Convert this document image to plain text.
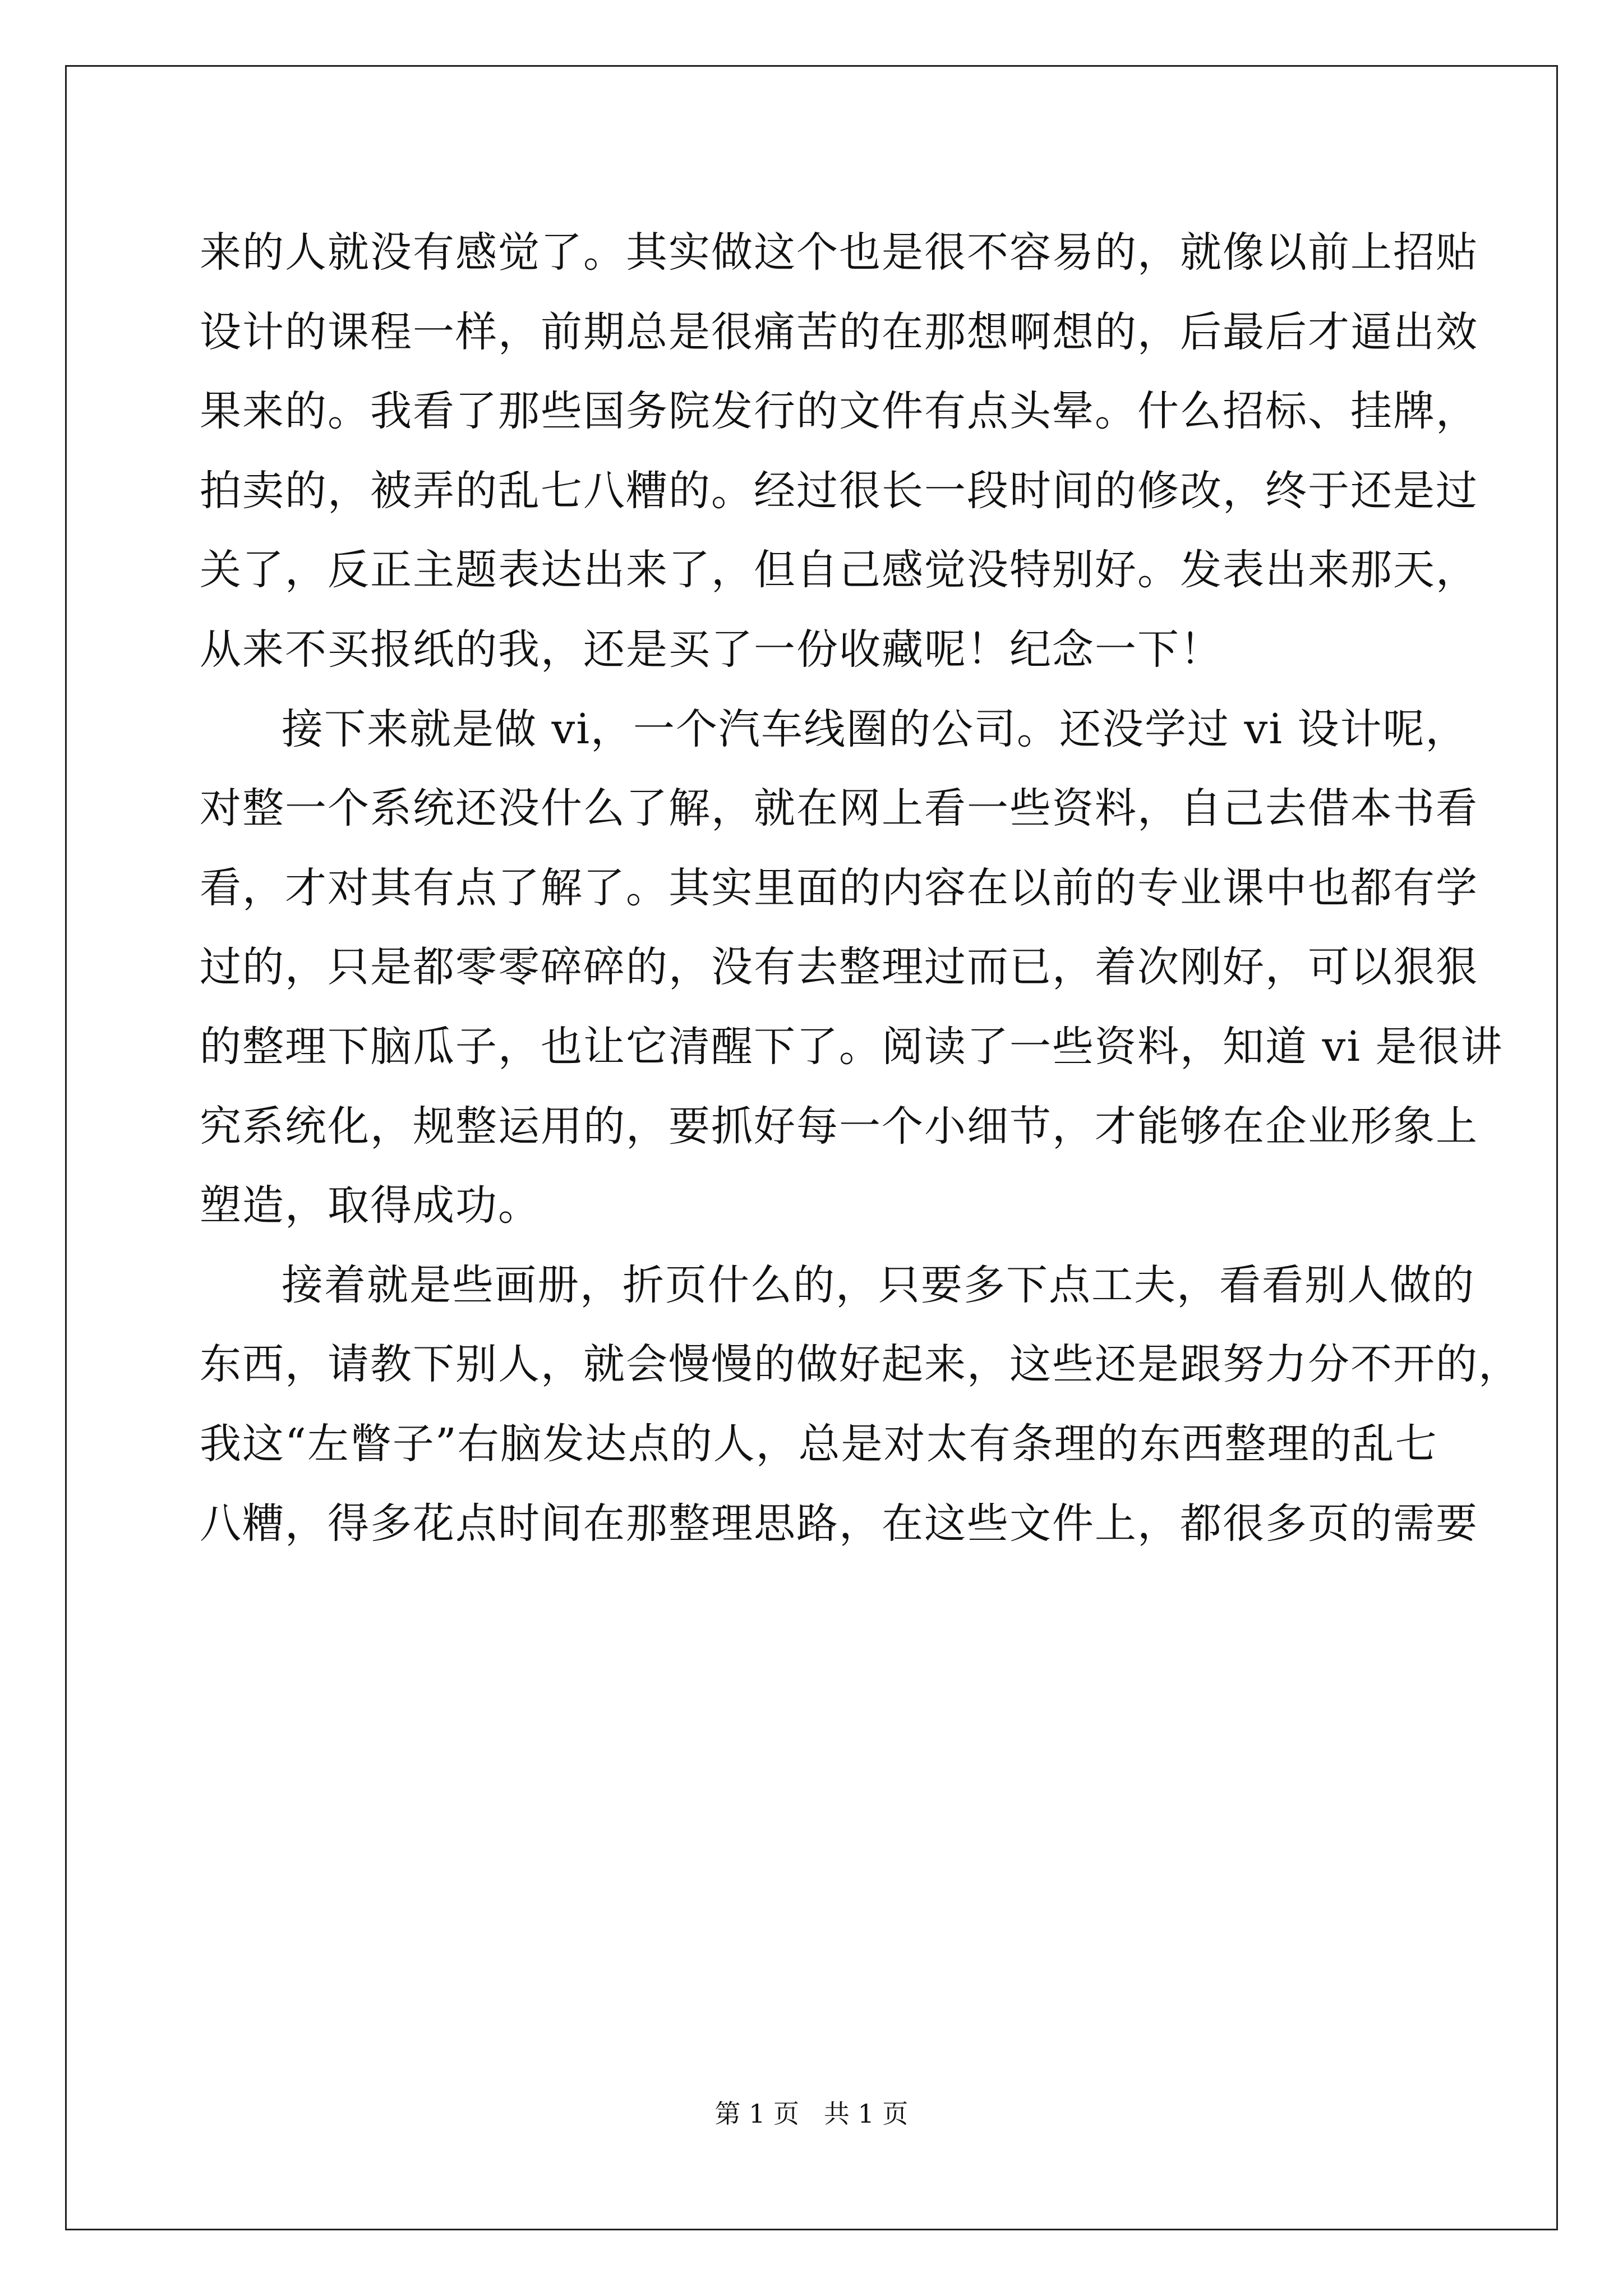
来的人就没有感觉了。其实做这个也是很不容易的，就像以前上招贴
设计的课程一样，前期总是很痛苦的在那想啊想的，后最后才逼出效
果来的。我看了那些国务院发行的文件有点头晕。什么招标、挂牌，
拍卖的，被弄的乱七八糟的。经过很长一段时间的修改，终于还是过
关了，反正主题表达出来了，但自己感觉没特别好。发表出来那天，
从来不买报纸的我，还是买了一份收藏呢！纪念一下！
接下来就是做 vi，一个汽车线圈的公司。还没学过 vi 设计呢，
对整一个系统还没什么了解，就在网上看一些资料，自己去借本书看
看，才对其有点了解了。其实里面的内容在以前的专业课中也都有学
过的，只是都零零碎碎的，没有去整理过而已，着次刚好，可以狠狠
的整理下脑瓜子，也让它清醒下了。阅读了一些资料，知道 vi 是很讲
究系统化，规整运用的，要抓好每一个小细节，才能够在企业形象上
塑造，取得成功。
接着就是些画册，折页什么的，只要多下点工夫，看看别人做的
东西，请教下别人，就会慢慢的做好起来，这些还是跟努力分不开的，
我这“左瞥子”右脑发达点的人，总是对太有条理的东西整理的乱七
八糟，得多花点时间在那整理思路，在这些文件上，都很多页的需要
第 1 页   共 1 页
